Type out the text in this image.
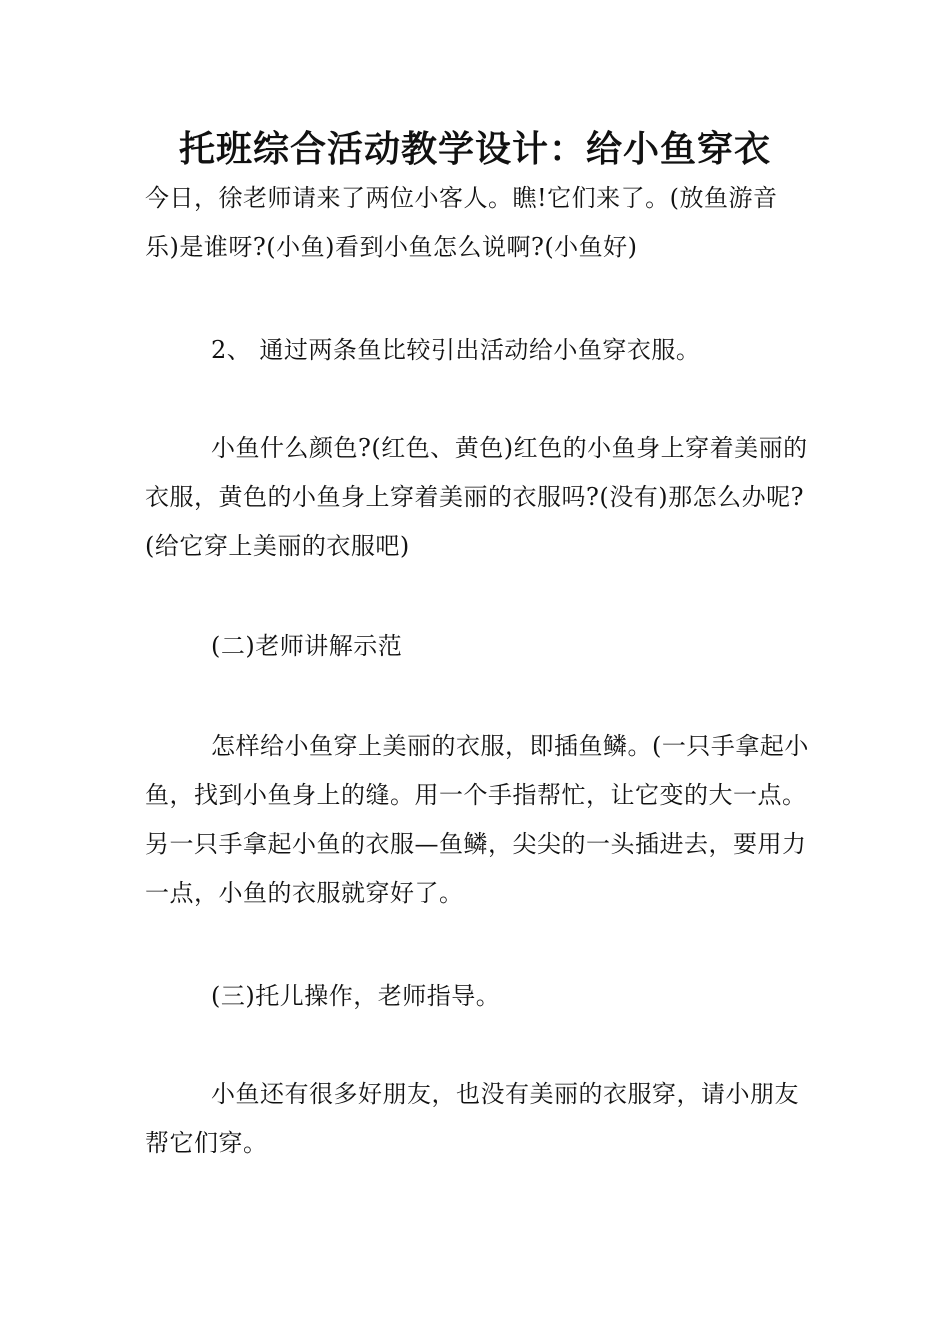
托班综合活动教学设计：给小鱼穿衣

今日，徐老师请来了两位小客人。瞧!它们来了。(放鱼游音乐)是谁呀?(小鱼)看到小鱼怎么说啊?(小鱼好)

2、 通过两条鱼比较引出活动给小鱼穿衣服。

小鱼什么颜色?(红色、黄色)红色的小鱼身上穿着美丽的衣服，黄色的小鱼身上穿着美丽的衣服吗?(没有)那怎么办呢?(给它穿上美丽的衣服吧)

(二)老师讲解示范

怎样给小鱼穿上美丽的衣服，即插鱼鳞。(一只手拿起小鱼，找到小鱼身上的缝。用一个手指帮忙，让它变的大一点。另一只手拿起小鱼的衣服—鱼鳞，尖尖的一头插进去，要用力一点，小鱼的衣服就穿好了。

(三)托儿操作，老师指导。

小鱼还有很多好朋友，也没有美丽的衣服穿，请小朋友帮它们穿。
